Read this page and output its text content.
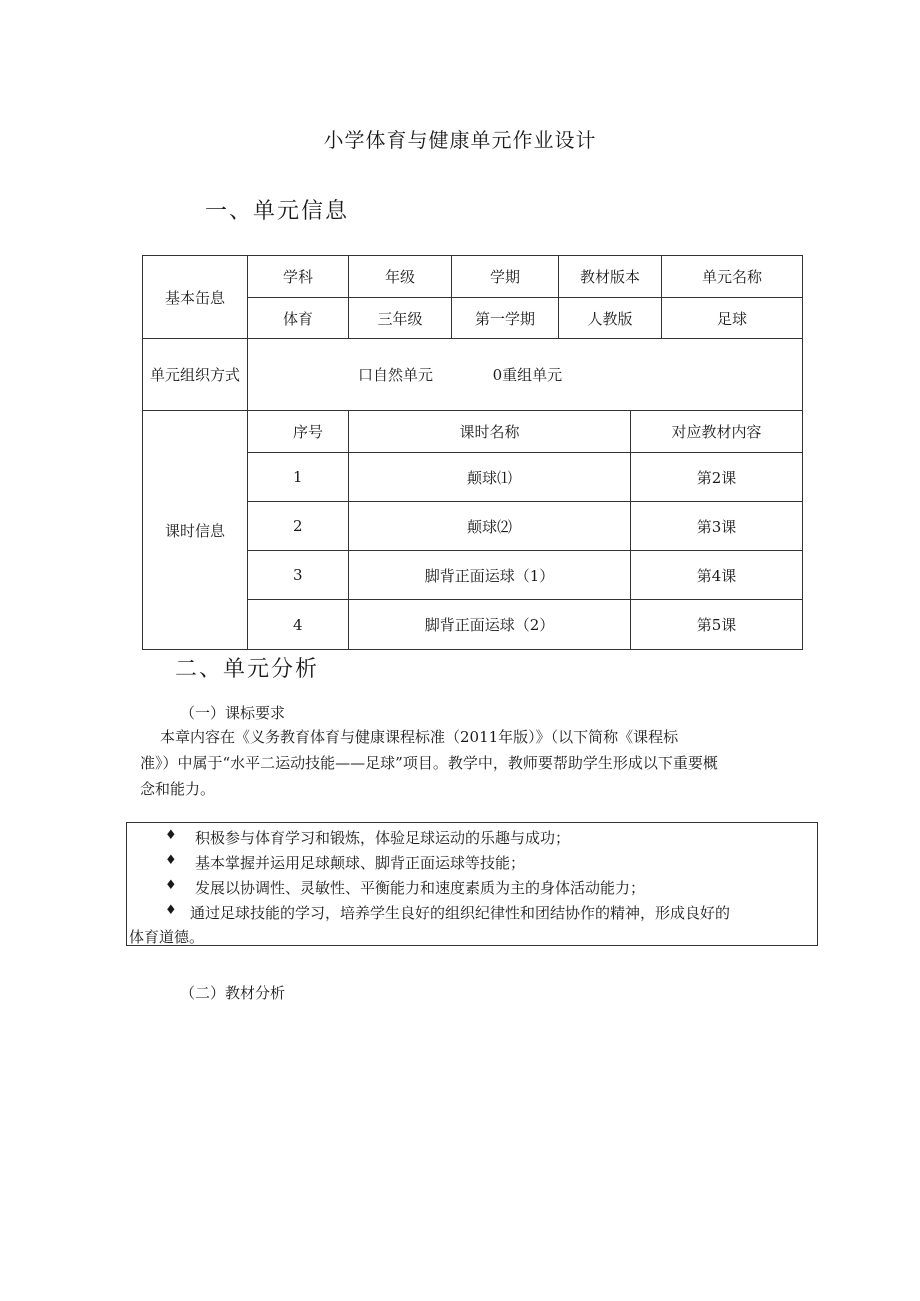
小学体育与健康单元作业设计
一、单元信息
基本缶息	学科	年级	学期	教材版本		单元名称
	体育	三年级	第一学期	人教版		足球
单元组织方式	口自然单元 0重组单元					
课时信息	序号	课时名称			对应教材内容	
	1	颠球⑴			第2课	
	2	颠球⑵			第3课	
	3	脚背正面运球（1）			第4课	
	4	脚背正面运球（2）			第5课	
二、单元分析
（一）课标要求
本章内容在《义务教育体育与健康课程标准（2011年版）》（以下简称《课程标
准》）中属于“水平二运动技能——足球”项目。教学中，教师要帮助学生形成以下重要概
念和能力。
♦ 积极参与体育学习和锻炼，体验足球运动的乐趣与成功；
♦ 基本掌握并运用足球颠球、脚背正面运球等技能；
♦ 发展以协调性、灵敏性、平衡能力和速度素质为主的身体活动能力；
♦ 通过足球技能的学习，培养学生良好的组织纪律性和团结协作的精神，形成良好的
体育道德。
（二）教材分析
